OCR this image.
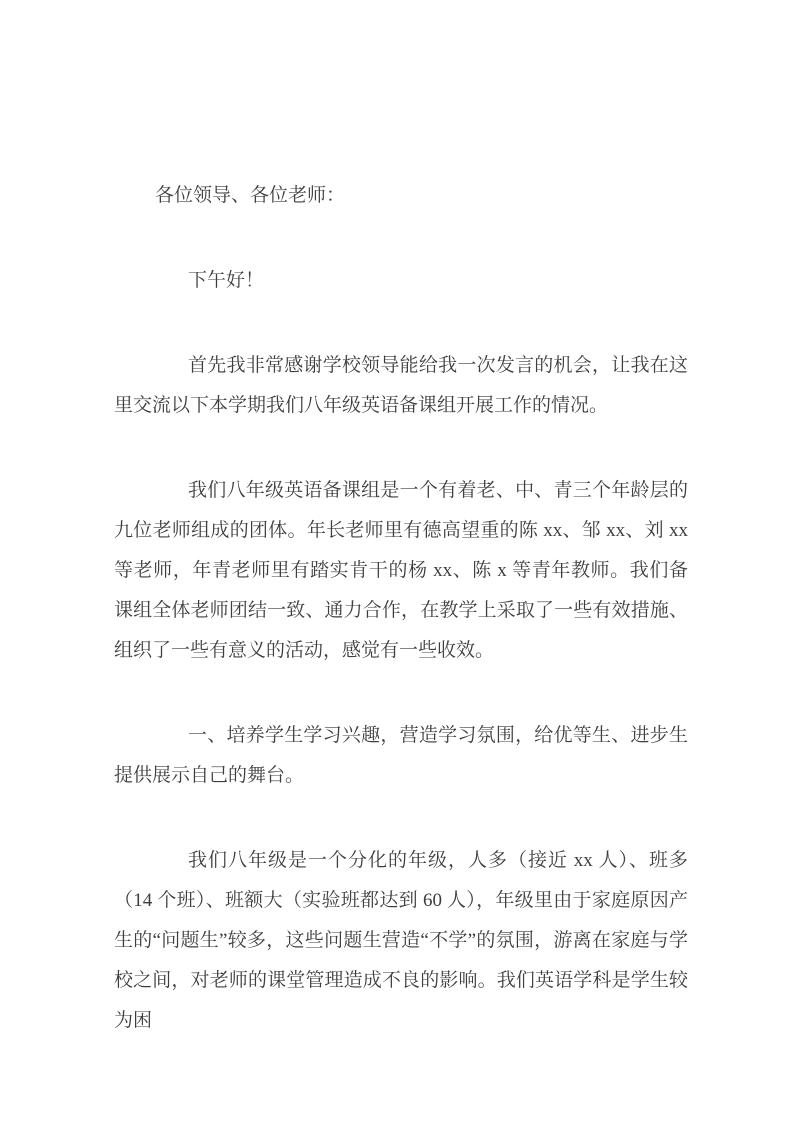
各位领导、各位老师：

下午好！

首先我非常感谢学校领导能给我一次发言的机会，让我在这里交流以下本学期我们八年级英语备课组开展工作的情况。

我们八年级英语备课组是一个有着老、中、青三个年龄层的九位老师组成的团体。年长老师里有德高望重的陈 xx、邹 xx、刘 xx 等老师，年青老师里有踏实肯干的杨 xx、陈 x 等青年教师。我们备课组全体老师团结一致、通力合作，在教学上采取了一些有效措施、组织了一些有意义的活动，感觉有一些收效。

一、培养学生学习兴趣，营造学习氛围，给优等生、进步生提供展示自己的舞台。

我们八年级是一个分化的年级，人多（接近 xx 人）、班多（14 个班）、班额大（实验班都达到 60 人），年级里由于家庭原因产生的“问题生”较多，这些问题生营造“不学”的氛围，游离在家庭与学校之间，对老师的课堂管理造成不良的影响。我们英语学科是学生较为困
